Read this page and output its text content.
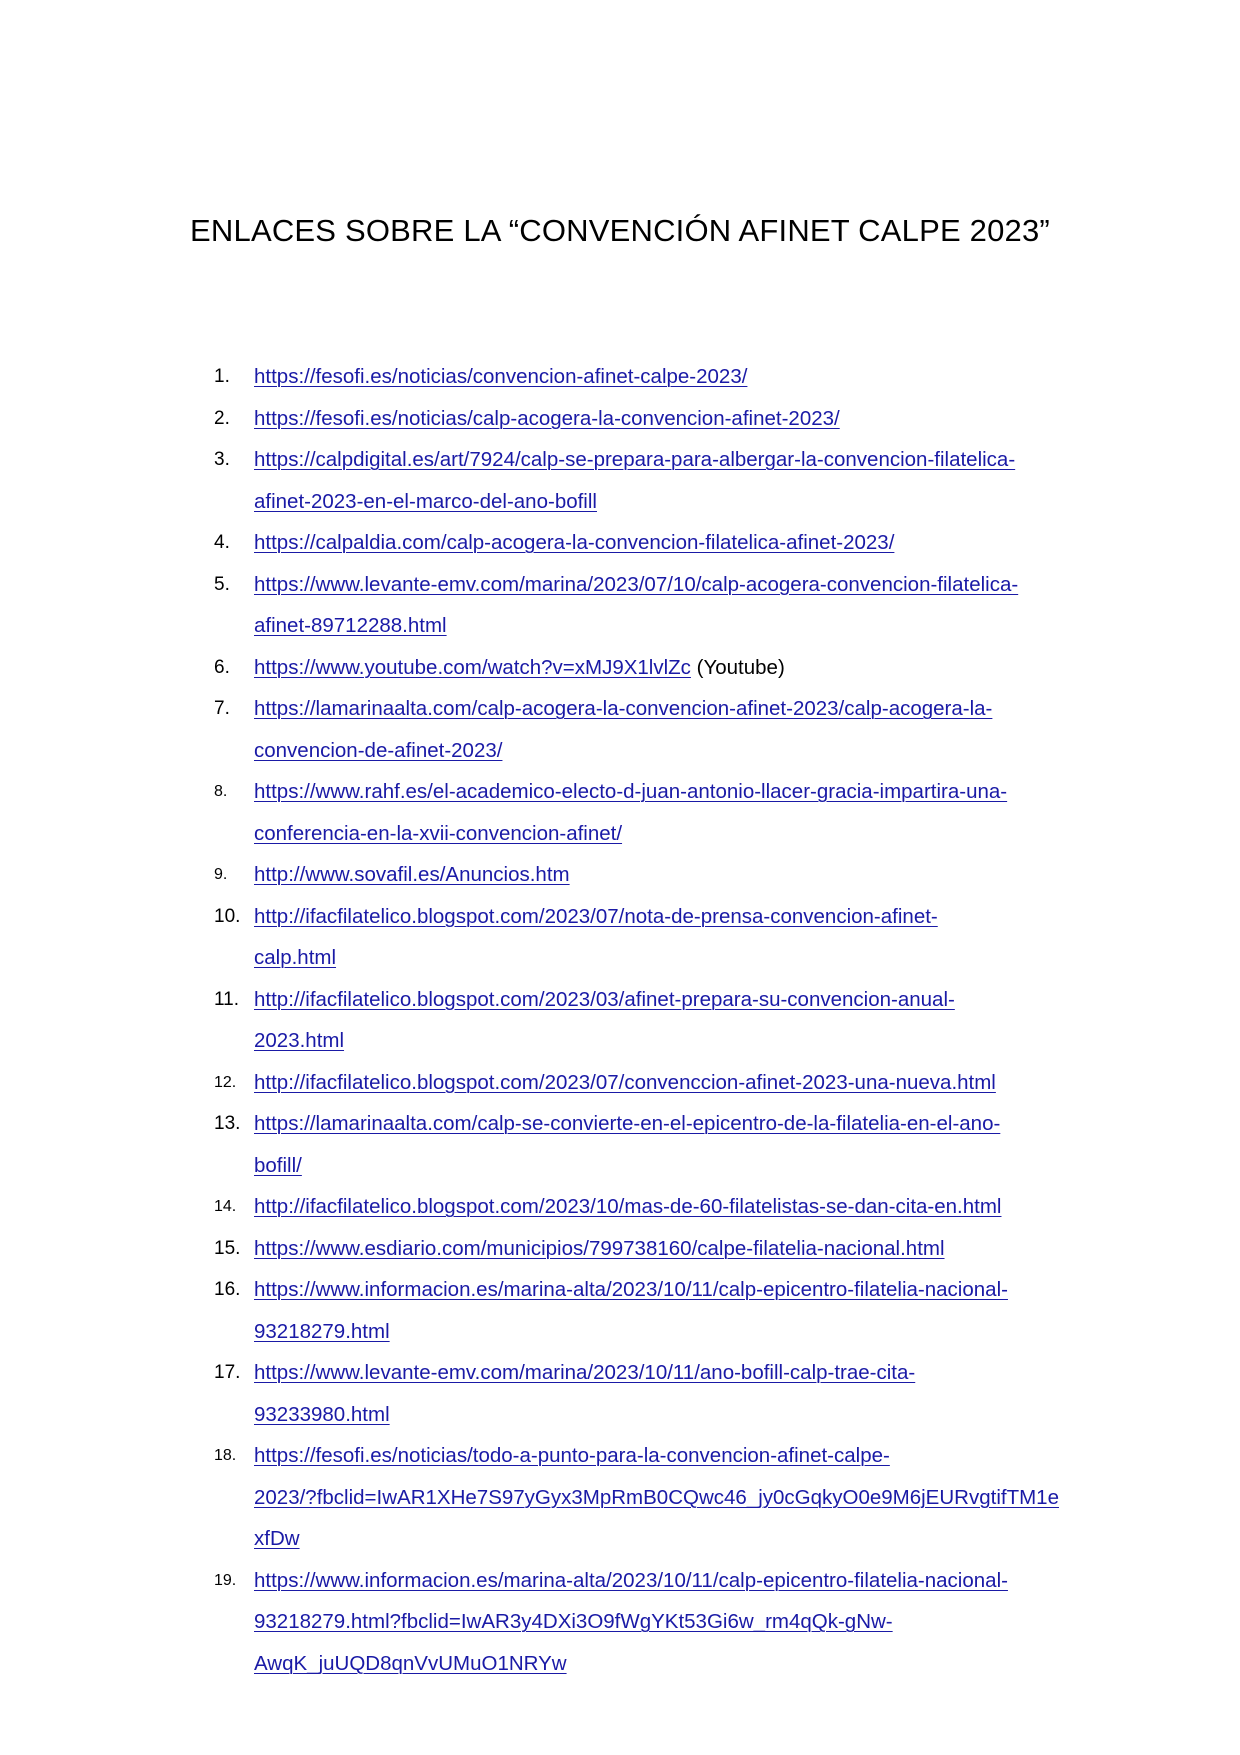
ENLACES SOBRE LA “CONVENCIÓN AFINET CALPE 2023”
1. https://fesofi.es/noticias/convencion-afinet-calpe-2023/
2. https://fesofi.es/noticias/calp-acogera-la-convencion-afinet-2023/
3. https://calpdigital.es/art/7924/calp-se-prepara-para-albergar-la-convencion-filatelica-
afinet-2023-en-el-marco-del-ano-bofill
4. https://calpaldia.com/calp-acogera-la-convencion-filatelica-afinet-2023/
5. https://www.levante-emv.com/marina/2023/07/10/calp-acogera-convencion-filatelica-
afinet-89712288.html
6. https://www.youtube.com/watch?v=xMJ9X1lvlZc (Youtube)
7. https://lamarinaalta.com/calp-acogera-la-convencion-afinet-2023/calp-acogera-la-
convencion-de-afinet-2023/
8. https://www.rahf.es/el-academico-electo-d-juan-antonio-llacer-gracia-impartira-una-
conferencia-en-la-xvii-convencion-afinet/
9. http://www.sovafil.es/Anuncios.htm
10. http://ifacfilatelico.blogspot.com/2023/07/nota-de-prensa-convencion-afinet-
calp.html
11. http://ifacfilatelico.blogspot.com/2023/03/afinet-prepara-su-convencion-anual-
2023.html
12. http://ifacfilatelico.blogspot.com/2023/07/convenccion-afinet-2023-una-nueva.html
13. https://lamarinaalta.com/calp-se-convierte-en-el-epicentro-de-la-filatelia-en-el-ano-
bofill/
14. http://ifacfilatelico.blogspot.com/2023/10/mas-de-60-filatelistas-se-dan-cita-en.html
15. https://www.esdiario.com/municipios/799738160/calpe-filatelia-nacional.html
16. https://www.informacion.es/marina-alta/2023/10/11/calp-epicentro-filatelia-nacional-
93218279.html
17. https://www.levante-emv.com/marina/2023/10/11/ano-bofill-calp-trae-cita-
93233980.html
18. https://fesofi.es/noticias/todo-a-punto-para-la-convencion-afinet-calpe-
2023/?fbclid=IwAR1XHe7S97yGyx3MpRmB0CQwc46_jy0cGqkyO0e9M6jEURvgtifTM1e
xfDw
19. https://www.informacion.es/marina-alta/2023/10/11/calp-epicentro-filatelia-nacional-
93218279.html?fbclid=IwAR3y4DXi3O9fWgYKt53Gi6w_rm4qQk-gNw-
AwqK_juUQD8qnVvUMuO1NRYw
